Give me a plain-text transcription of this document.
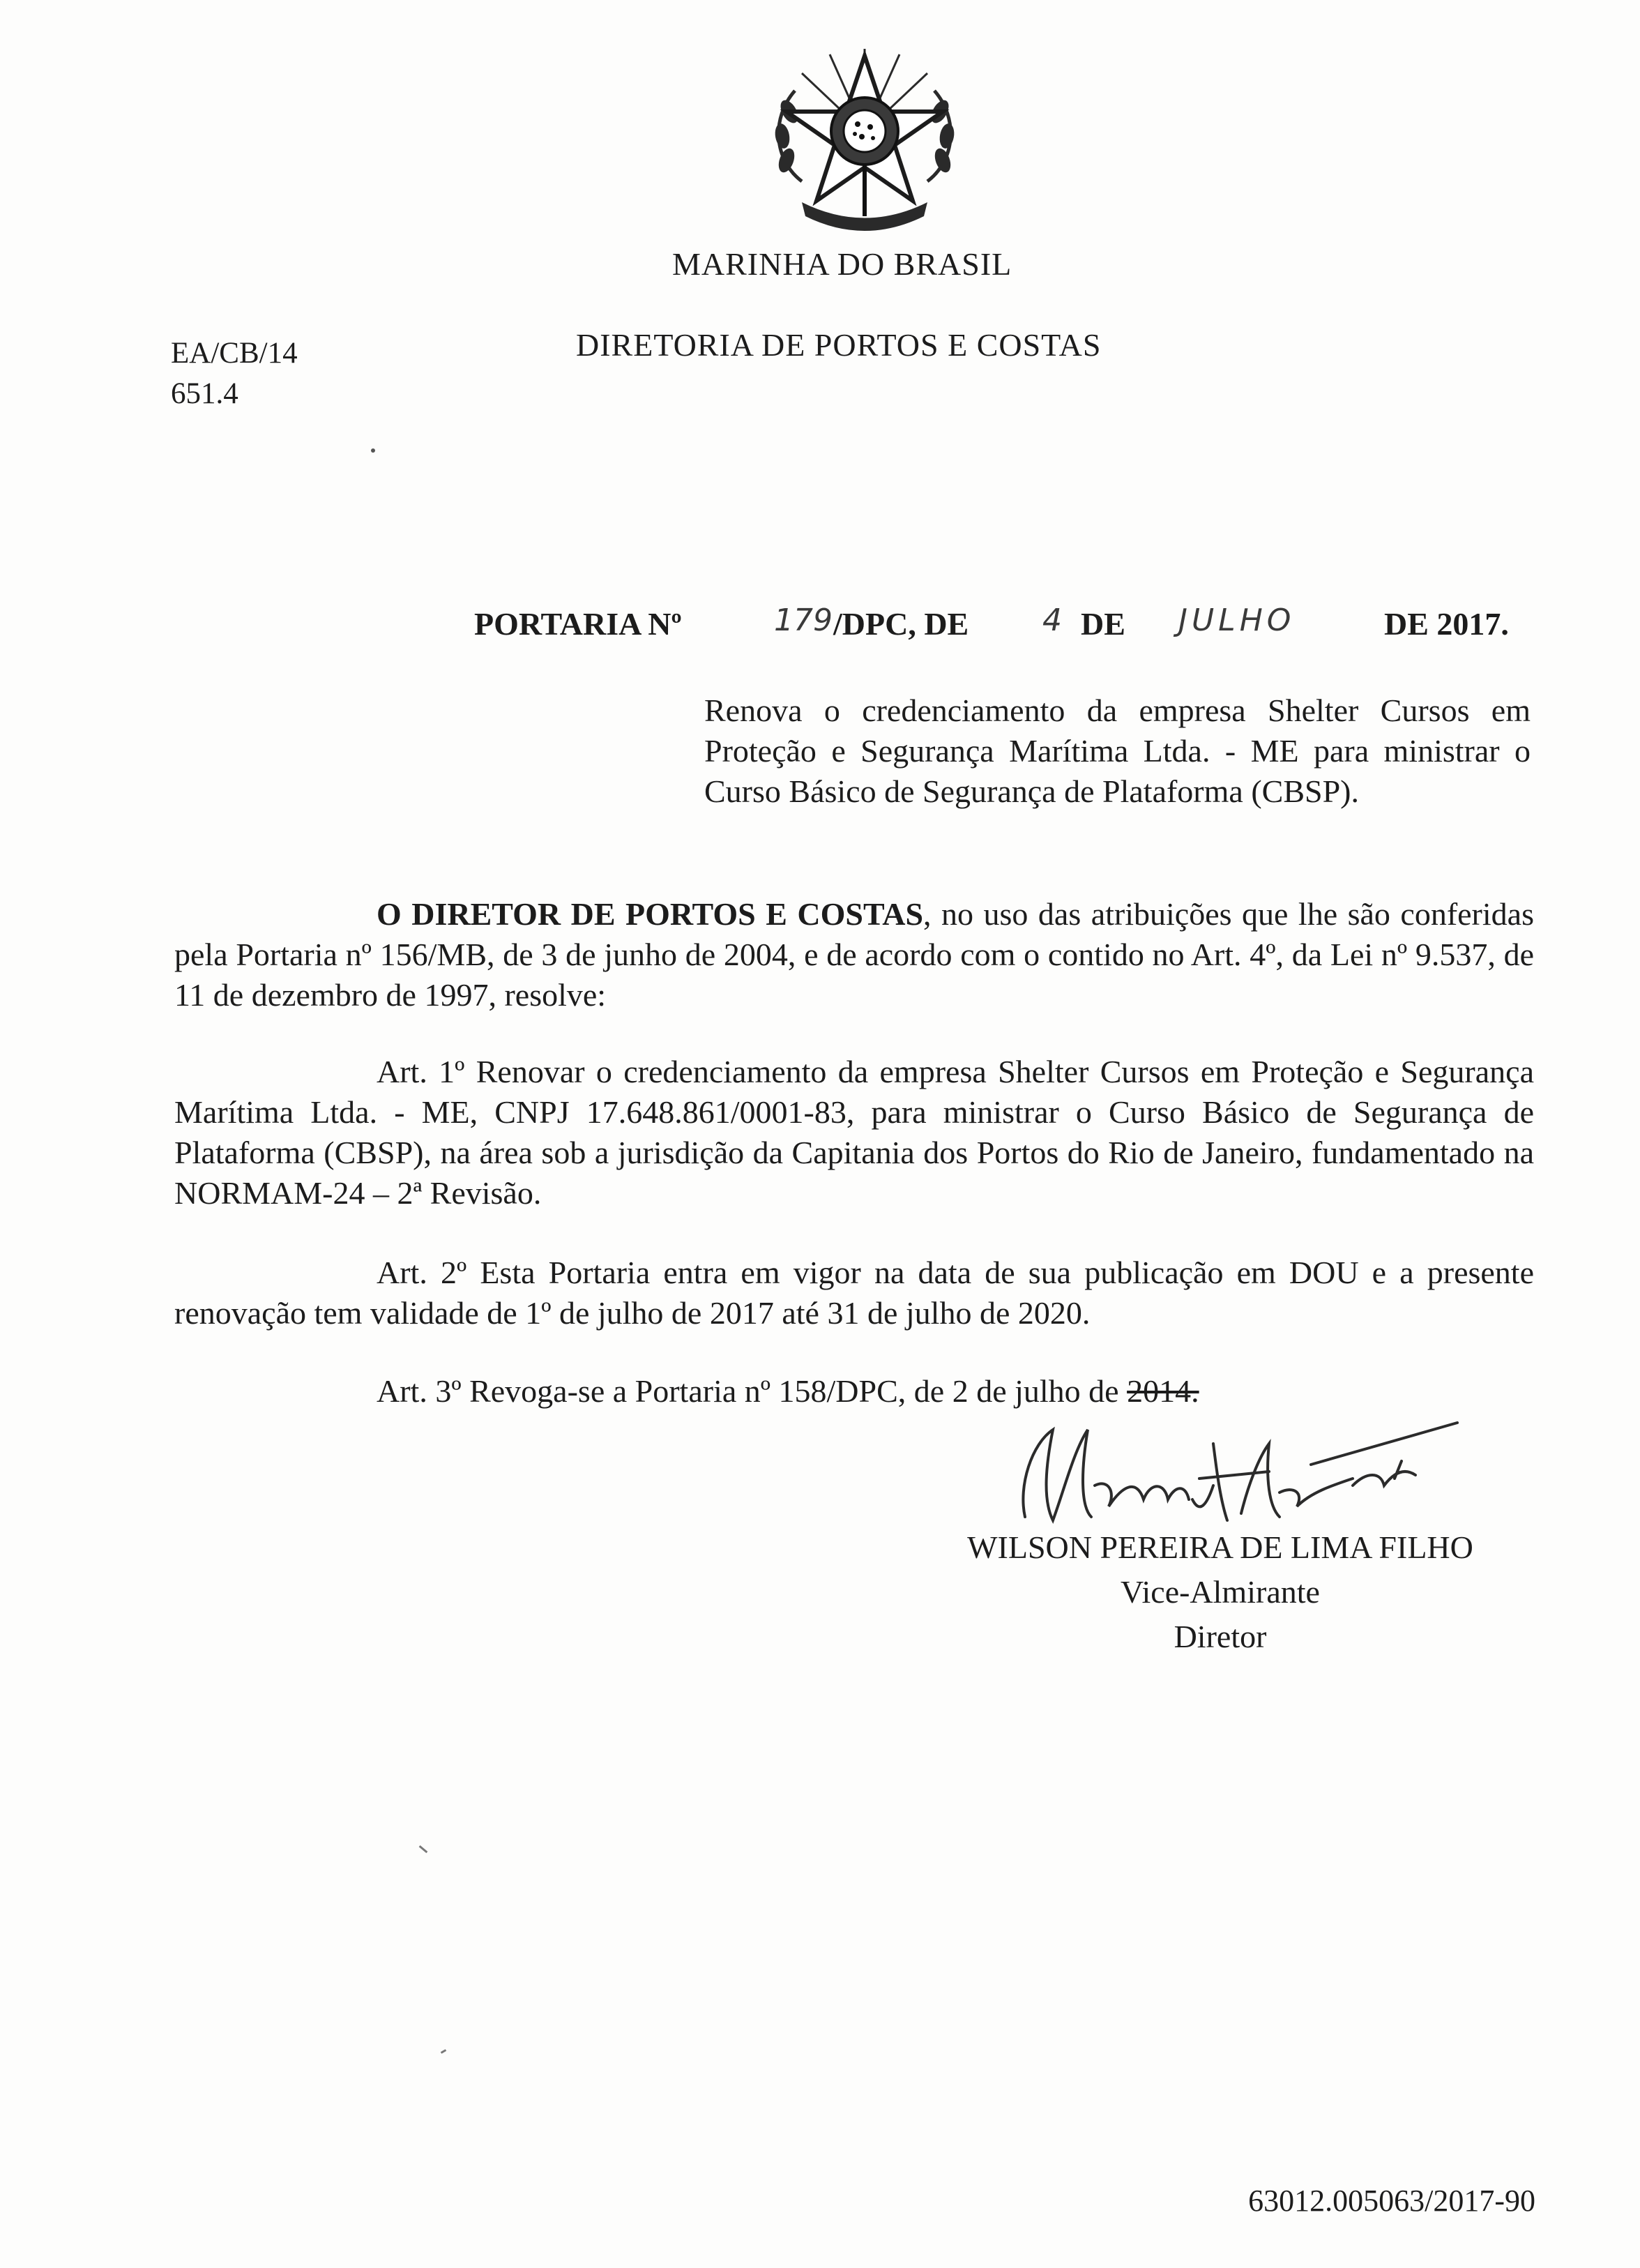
MARINHA DO BRASIL
DIRETORIA DE PORTOS E COSTAS
EA/CB/14
651.4
PORTARIA Nº	179 /DPC, DE 4 DE JULHO	DE 2017.
Renova o credenciamento da empresa Shelter Cursos em Proteção e Segurança Marítima Ltda. - ME para ministrar o Curso Básico de Segurança de Plataforma (CBSP).
O DIRETOR DE PORTOS E COSTAS, no uso das atribuições que lhe são conferidas pela Portaria nº 156/MB, de 3 de junho de 2004, e de acordo com o contido no Art. 4º, da Lei nº 9.537, de 11 de dezembro de 1997, resolve:
Art. 1º Renovar o credenciamento da empresa Shelter Cursos em Proteção e Segurança Marítima Ltda. - ME, CNPJ 17.648.861/0001-83, para ministrar o Curso Básico de Segurança de Plataforma (CBSP), na área sob a jurisdição da Capitania dos Portos do Rio de Janeiro, fundamentado na NORMAM-24 – 2ª Revisão.
Art. 2º Esta Portaria entra em vigor na data de sua publicação em DOU e a presente renovação tem validade de 1º de julho de 2017 até 31 de julho de 2020.
Art. 3º Revoga-se a Portaria nº 158/DPC, de 2 de julho de 2014.
WILSON PEREIRA DE LIMA FILHO
Vice-Almirante
Diretor
63012.005063/2017-90
